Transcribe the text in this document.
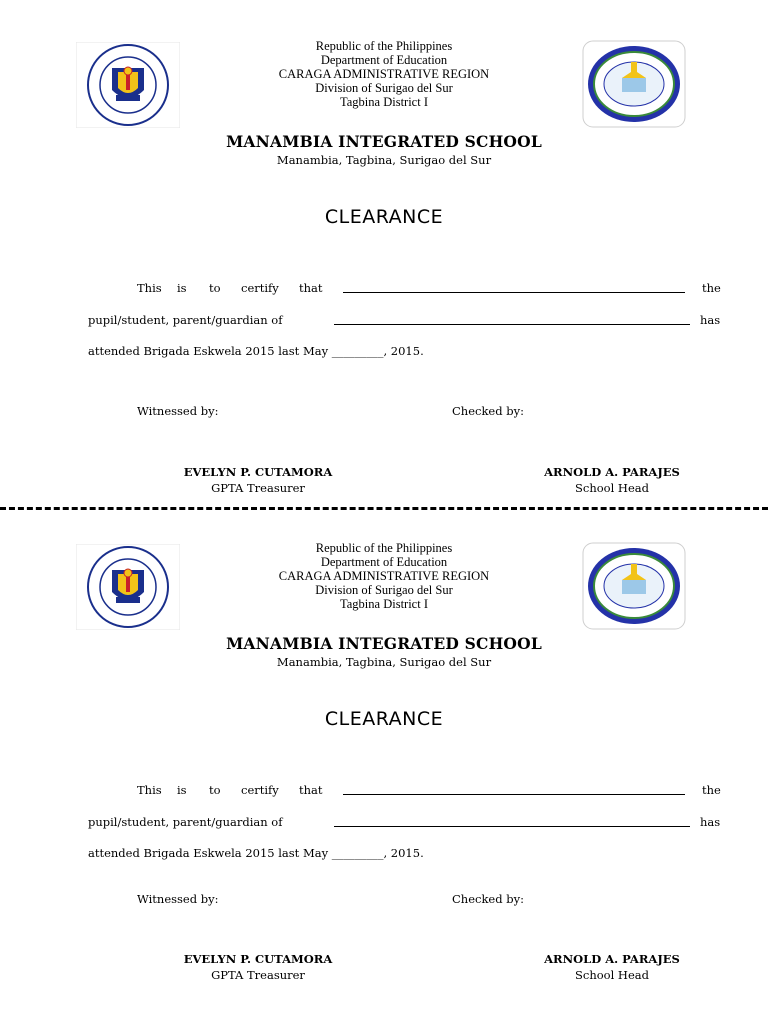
Republic of the Philippines
Department of Education
CARAGA ADMINISTRATIVE REGION
Division of Surigao del Sur
Tagbina District I
MANAMBIA INTEGRATED SCHOOL
Manambia, Tagbina, Surigao del Sur
CLEARANCE
This is to certify that	the
pupil/student, parent/guardian of	has
attended Brigada Eskwela 2015 last May _________, 2015.
Witnessed by:	Checked by:
EVELYN P. CUTAMORA
GPTA Treasurer
ARNOLD A. PARAJES
School Head
Republic of the Philippines
Department of Education
CARAGA ADMINISTRATIVE REGION
Division of Surigao del Sur
Tagbina District I
MANAMBIA INTEGRATED SCHOOL
Manambia, Tagbina, Surigao del Sur
CLEARANCE
This is to certify that	the
pupil/student, parent/guardian of	has
attended Brigada Eskwela 2015 last May _________, 2015.
Witnessed by:	Checked by:
EVELYN P. CUTAMORA
GPTA Treasurer
ARNOLD A. PARAJES
School Head
